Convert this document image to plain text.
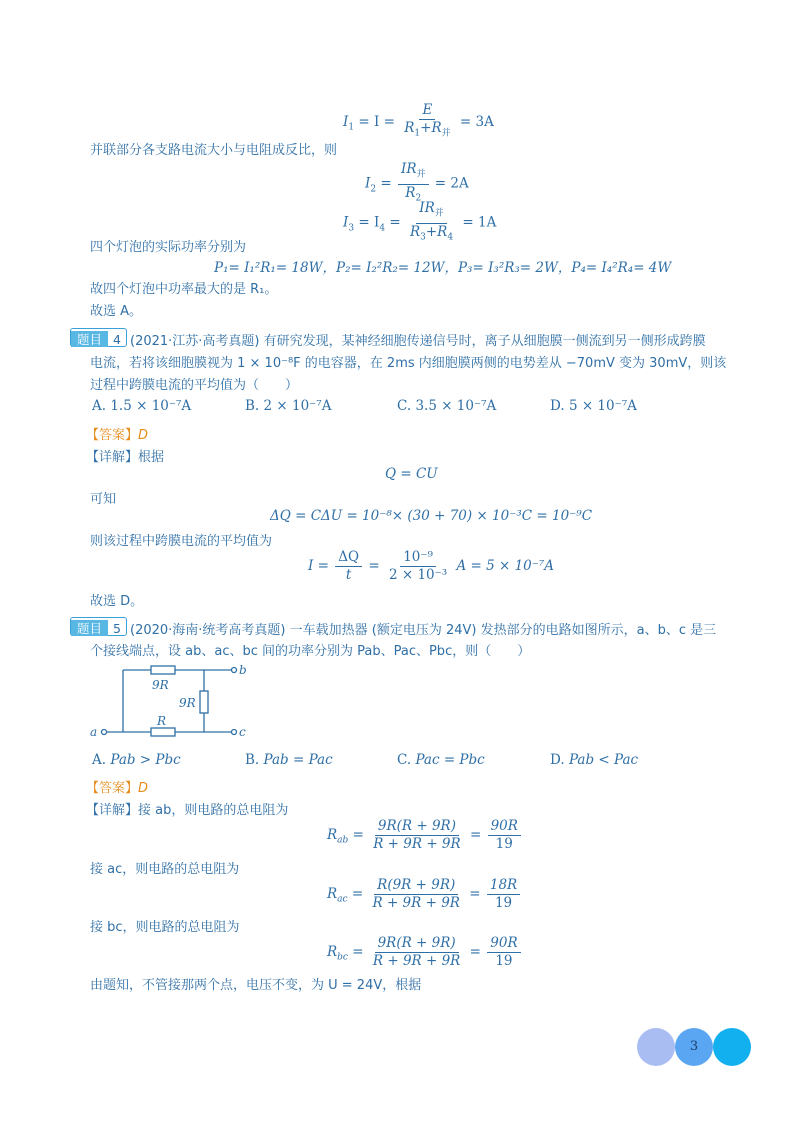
$I_1 = I = \frac{E}{R_1+R_并} = 3A$
并联部分各支路电流大小与电阻成反比，则
$I_2 = \frac{IR_并}{R_2} = 2A$
$I_3 = I_4 = \frac{IR_并}{R_3+R_4} = 1A$
四个灯泡的实际功率分别为
P₁= I₁²R₁= 18W，P₂= I₂²R₂= 12W，P₃= I₃²R₃= 2W，P₄= I₄²R₄= 4W
故四个灯泡中功率最大的是 R₁。
故选 A。
题目 4 (2021·江苏·高考真题) 有研究发现，某神经细胞传递信号时，离子从细胞膜一侧流到另一侧形成跨膜
电流，若将该细胞膜视为 1 × 10⁻⁸F 的电容器，在 2ms 内细胞膜两侧的电势差从 −70mV 变为 30mV，则该
过程中跨膜电流的平均值为（　　）
A. 1.5 × 10⁻⁷A	B. 2 × 10⁻⁷A	C. 3.5 × 10⁻⁷A	D. 5 × 10⁻⁷A
【答案】D
【详解】根据
Q = CU
可知
ΔQ = CΔU = 10⁻⁸× (30 + 70) × 10⁻³C = 10⁻⁹C
则该过程中跨膜电流的平均值为
$I = \frac{\Delta Q}{t} = \frac{\text{10⁻⁹}}{\text{2 × 10⁻³}}$ A = 5 × 10⁻⁷A
故选 D。
题目 5 (2020·海南·统考高考真题) 一车载加热器 (额定电压为 24V) 发热部分的电路如图所示，a、b、c 是三
个接线端点，设 ab、ac、bc 间的功率分别为 Pab、Pac、Pbc，则（　　）
9R
9R
R
a
b
c
A. Pab > Pbc	B. Pab = Pac	C. Pac = Pbc	D. Pab < Pac
【答案】D
【详解】接 ab，则电路的总电阻为
$R_{ab} = \frac{9R(R + 9R)}{R + 9R + 9R} = \frac{90R}{19}$
接 ac，则电路的总电阻为
$R_{ac} = \frac{R(9R + 9R)}{R + 9R + 9R} = \frac{18R}{19}$
接 bc，则电路的总电阻为
$R_{bc} = \frac{9R(R + 9R)}{R + 9R + 9R} = \frac{90R}{19}$
由题知，不管接那两个点，电压不变，为 U = 24V，根据
3
